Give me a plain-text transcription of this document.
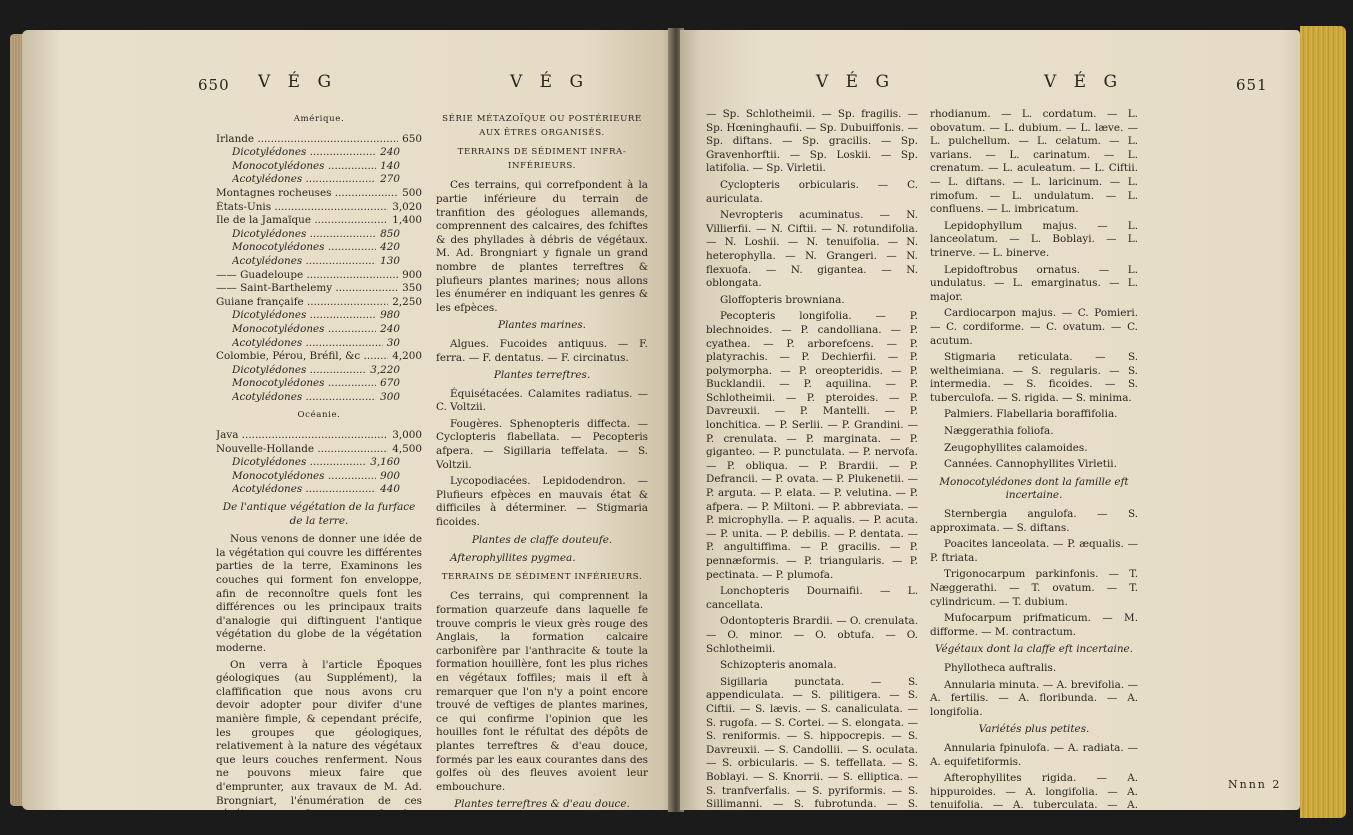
650 V É G	V É G
Amérique.
Irlande .....	650
Dicotylédones .....	240
Monocotylédones .....	140
Acotylédones .....	270
Montagnes rocheuses .....	500
États-Unis .....	3,020
Ile de la Jamaïque .....	1,400
Dicotylédones .....	850
Monocotylédones .....	420
Acotylédones .....	130
—— Guadeloupe .....	900
—— Saint-Barthelemy .....	350
Guiane françaife .....	2,250
Dicotylédones .....	980
Monocotylédones .....	240
Acotylédones .....	30
Colombie, Pérou, Bréfil, &c .....	4,200
Dicotylédones .....	3,220
Monocotylédones .....	670
Acotylédones .....	300
Océanie.
Java .....	3,000
Nouvelle-Hollande .....	4,500
Dicotylédones .....	3,160
Monocotylédones .....	900
Acotylédones .....	440

De l'antique végétation de la furface de la terre.

Nous venons de donner une idée de la végétation qui couvre les différentes parties de la terre, Examinons les couches qui forment fon enveloppe, afin de reconnoître quels font les différences ou les principaux traits d'analogie qui diftinguent l'antique végétation du globe de la végétation moderne.

On verra à l'article Époques géologiques (au Supplément), la claffification que nous avons cru devoir adopter pour divifer d'une manière fimple, & cependant précife, les groupes que géologiques, relativement à la nature des végétaux que leurs couches renferment. Nous ne pouvons mieux faire que d'emprunter, aux travaux de M. Ad. Brongniart, l'énumération de ces

SÉRIE MÉTAZOÏQUE OU POSTÉRIEURE AUX ÊTRES ORGANISÉS.
TERRAINS DE SÉDIMENT INFRA-INFÉRIEURS.

Ces terrains, qui correfpondent à la partie inférieure du terrain de tranfition des géologues allemands, comprennent des calcaires, des fchiftes & des phyllades à débris de végétaux. M. Ad. Brongniart y fignale un grand nombre de plantes terreftres & plufieurs plantes marines; nous allons les énumérer en indiquant les genres & les efpèces.

Plantes marines.

Algues. Fucoides antiquus. — F. ferra. — F. dentatus. — F. circinatus.

Plantes terreftres.

Équisétacées. Calamites radiatus. — C. Voltzii.

Fougères. Sphenopteris diffecta. — Cyclopteris flabellata. — Pecopteris afpera. — Sigillaria teffelata. — S. Voltzii.

Lycopodiacées. Lepidodendron. — Plufieurs efpèces en mauvais état & difficiles à déterminer. — Stigmaria ficoides.

Plantes de claffe douteufe.

Afterophyllites pygmea.

TERRAINS DE SÉDIMENT INFÉRIEURS.

Ces terrains, qui comprennent la formation quarzeufe dans laquelle fe trouve compris le vieux grès rouge des Anglais, la formation calcaire carbonifère par l'anthracite & toute la formation houillère, font les plus riches en végétaux foffiles; mais il eft à remarquer que l'on n'y a point encore trouvé de veftiges de plantes marines, ce qui confirme l'opinion que les houilles font le réfultat des dépôts de plantes terreftres & d'eau douce, formés par les eaux courantes dans des golfes où des fleuves avoient leur embouchure.

Plantes terreftres & d'eau douce.

V É G	V É G	651

— Sp. Schlotheimii. — Sp. fragilis. — Sp. Hœninghaufii. — Sp. Dubuiffonis. — Sp. diftans. — Sp. gracilis. — Sp. Gravenhorftii. — Sp. Loskii. — Sp. latifolia. — Sp. Virletii.

Cyclopteris orbicularis. — C. auriculata.

Nevropteris acuminatus. — N. Villierfii. — N. Ciftii. — N. rotundifolia. — N. Loshii. — N. tenuifolia. — N. heterophylla. — N. Grangeri. — N. flexuofa. — N. gigantea. — N. oblongata.

Gloffopteris browniana.

Pecopteris longifolia. — P. blechnoides. — P. candolliana. — P. cyathea. — P. arborefcens. — P. platyrachis. — P. Dechierfii. — P. polymorpha. — P. oreopteridis. — P. Bucklandii. — P. aquilina. — P. Schlotheimii. — P. pteroides. — P. Davreuxii. — P. Mantelli. — P. lonchitica. — P. Serlii. — P. Grandini. — P. crenulata. — P. marginata. — P. giganteo. — P. punctulata. — P. nervofa. — P. obliqua. — P. Brardii. — P. Defrancii. — P. ovata. — P. Plukenetii. — P. arguta. — P. elata. — P. velutina. — P. afpera. — P. Miltoni. — P. abbreviata. — P. microphylla. — P. aqualis. — P. acuta. — P. unita. — P. debilis. — P. dentata. — P. angultiffima. — P. gracilis. — P. pennæformis. — P. triangularis. — P. pectinata. — P. plumofa.

Lonchopteris Dournaifii. — L. cancellata.

Odontopteris Brardii. — O. crenulata. — O. minor. — O. obtufa. — O. Schlotheimii.

Schizopteris anomala.

Sigillaria punctata. — S. appendiculata. — S. pilitigera. — S. Ciftii. — S. lævis. — S. canaliculata. — S. rugofa. — S. Cortei. — S. elongata. — S. reniformis. — S. hippocrepis. — S. Davreuxii. — S. Candollii. — S. oculata. — S. orbicularis. — S. teffellata. — S. Boblayi. — S. Knorrii. — S. elliptica. — S. tranfverfalis. — S. pyriformis. — S. Sillimanni. — S. fubrotunda. — S.

rhodianum. — L. cordatum. — L. obovatum. — L. dubium. — L. læve. — L. pulchellum. — L. celatum. — L. varians. — L. carinatum. — L. crenatum. — L. aculeatum. — L. Ciftii. — L. diftans. — L. laricinum. — L. rimofum. — L. undulatum. — L. confluens. — L. imbricatum.

Lepidophyllum majus. — L. lanceolatum. — L. Boblayi. — L. trinerve. — L. binerve.

Lepidoftrobus ornatus. — L. undulatus. — L. emarginatus. — L. major.

Cardiocarpon majus. — C. Pomieri. — C. cordiforme. — C. ovatum. — C. acutum.

Stigmaria reticulata. — S. weltheimiana. — S. regularis. — S. intermedia. — S. ficoides. — S. tuberculofa. — S. rigida. — S. minima.

Palmiers. Flabellaria boraffifolia.

Næggerathia foliofa.

Zeugophyllites calamoides.

Cannées. Cannophyllites Virletii.

Monocotylédones dont la famille eft incertaine.

Sternbergia angulofa. — S. approximata. — S. diftans.

Poacites lanceolata. — P. æqualis. — P. ftriata.

Trigonocarpum parkinfonis. — T. Næggerathi. — T. ovatum. — T. cylindricum. — T. dubium.

Mufocarpum prifmaticum. — M. difforme. — M. contractum.

Végétaux dont la claffe eft incertaine.

Phyllotheca auftralis.

Annularia minuta. — A. brevifolia. — A. fertilis. — A. floribunda. — A. longifolia.

Variétés plus petites.

Annularia fpinulofa. — A. radiata. — A. equifetiformis.

Afterophyllites rigida. — A. hippuroides. — A. longifolia. — A. tenuifolia. — A. tuberculata. — A.

Nnnn 2
